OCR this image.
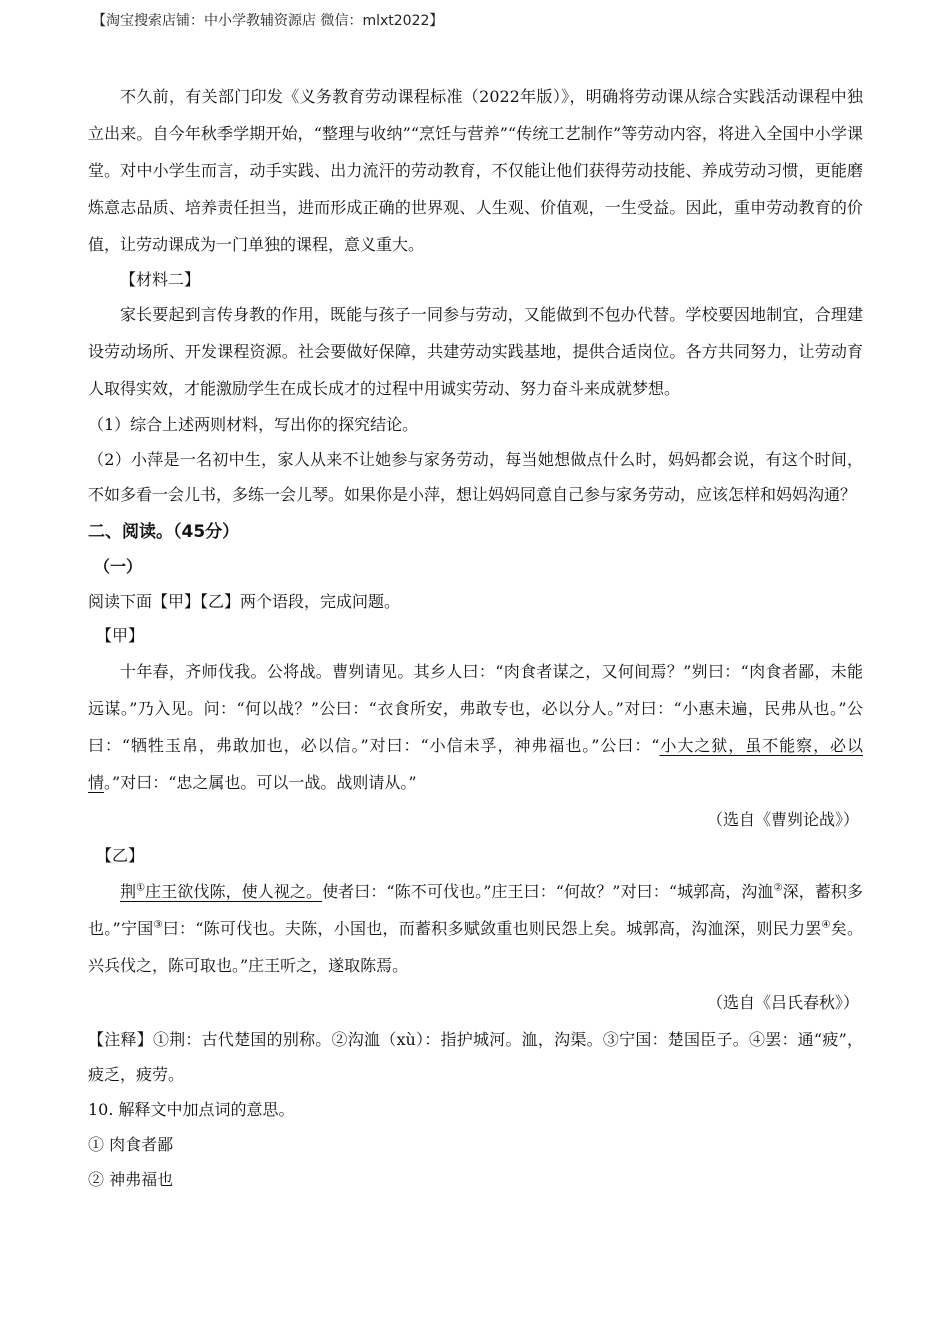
【淘宝搜索店铺：中小学教辅资源店 微信：mlxt2022】

不久前，有关部门印发《义务教育劳动课程标准（2022年版）》，明确将劳动课从综合实践活动课程中独立出来。自今年秋季学期开始，“整理与收纳”“烹饪与营养”“传统工艺制作”等劳动内容，将进入全国中小学课堂。对中小学生而言，动手实践、出力流汗的劳动教育，不仅能让他们获得劳动技能、养成劳动习惯，更能磨炼意志品质、培养责任担当，进而形成正确的世界观、人生观、价值观，一生受益。因此，重申劳动教育的价值，让劳动课成为一门单独的课程，意义重大。

【材料二】

家长要起到言传身教的作用，既能与孩子一同参与劳动，又能做到不包办代替。学校要因地制宜，合理建设劳动场所、开发课程资源。社会要做好保障，共建劳动实践基地，提供合适岗位。各方共同努力，让劳动育人取得实效，才能激励学生在成长成才的过程中用诚实劳动、努力奋斗来成就梦想。

（1）综合上述两则材料，写出你的探究结论。

（2）小萍是一名初中生，家人从来不让她参与家务劳动，每当她想做点什么时，妈妈都会说，有这个时间，不如多看一会儿书，多练一会儿琴。如果你是小萍，想让妈妈同意自己参与家务劳动，应该怎样和妈妈沟通？

二、阅读。（45分）
（一）

阅读下面【甲】【乙】两个语段，完成问题。

【甲】

十年春，齐师伐我。公将战。曹刿请见。其乡人曰：“肉食者谋之，又何间焉？”刿曰：“肉食者鄙，未能远谋。”乃入见。问：“何以战？”公曰：“衣食所安，弗敢专也，必以分人。”对曰：“小惠未遍，民弗从也。”公曰：“牺牲玉帛，弗敢加也，必以信。”对曰：“小信未孚，神弗福也。”公曰：“小大之狱，虽不能察，必以情。”对曰：“忠之属也。可以一战。战则请从。”

（选自《曹刿论战》）

【乙】

荆①庄王欲伐陈，使人视之。使者曰：“陈不可伐也。”庄王曰：“何故？”对曰：“城郭高，沟洫②深，蓄积多也。”宁国③曰：“陈可伐也。夫陈，小国也，而蓄积多赋敛重也则民怨上矣。城郭高，沟洫深，则民力罢④矣。兴兵伐之，陈可取也。”庄王听之，遂取陈焉。

（选自《吕氏春秋》）

【注释】①荆：古代楚国的别称。②沟洫（xù）：指护城河。洫，沟渠。③宁国：楚国臣子。④罢：通“疲”，疲乏，疲劳。

10. 解释文中加点词的意思。

① 肉食者鄙

② 神弗福也
